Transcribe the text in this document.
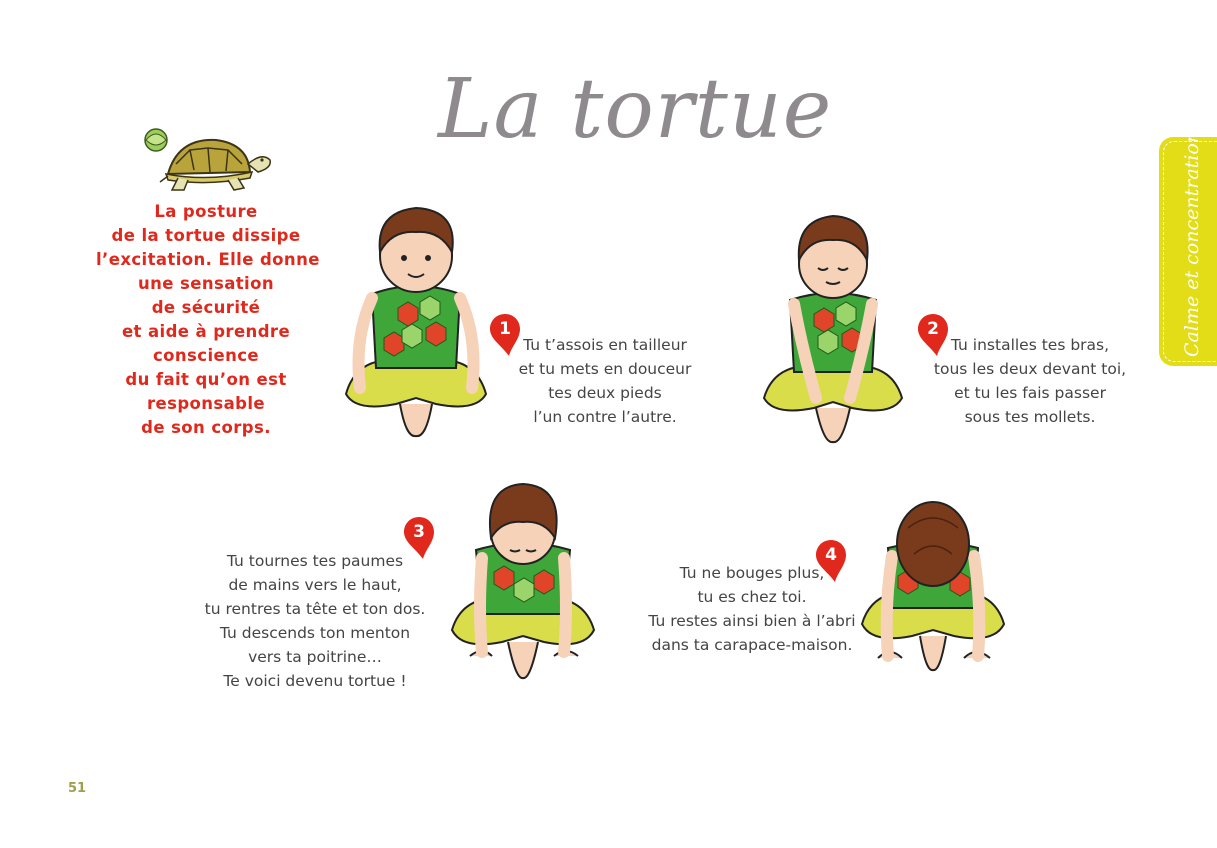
La tortue
Calme et concentration
La posture
de la tortue dissipe
l’excitation. Elle donne
une sensation
de sécurité
et aide à prendre
conscience
du fait qu’on est
responsable
de son corps.
1
Tu t’assois en tailleur
et tu mets en douceur
tes deux pieds
l’un contre l’autre.
2
Tu installes tes bras,
tous les deux devant toi,
et tu les fais passer
sous tes mollets.
3
Tu tournes tes paumes
de mains vers le haut,
tu rentres ta tête et ton dos.
Tu descends ton menton
vers ta poitrine…
Te voici devenu tortue !
4
Tu ne bouges plus,
tu es chez toi.
Tu restes ainsi bien à l’abri
dans ta carapace-maison.
51
